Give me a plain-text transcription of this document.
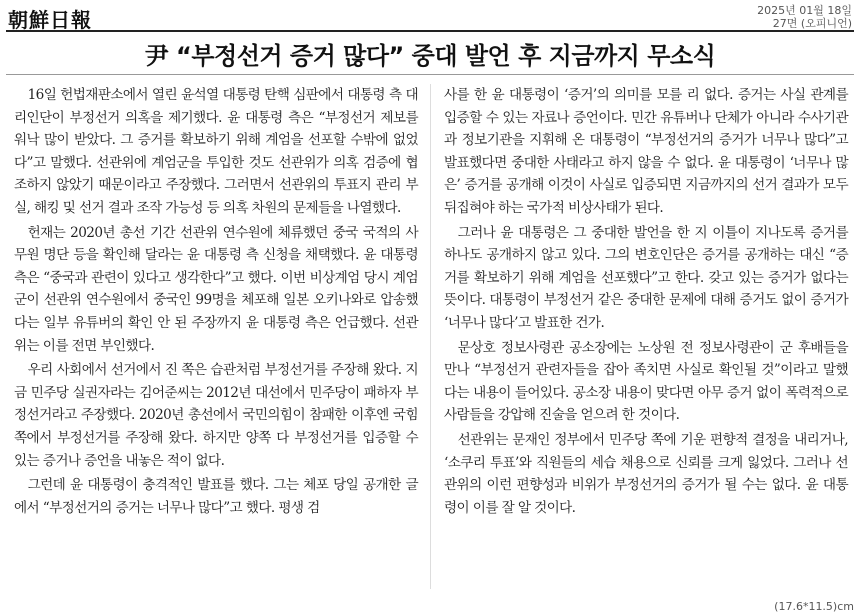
朝鮮日報	2025년 01월 18일
27면 (오피니언)
尹 “부정선거 증거 많다” 중대 발언 후 지금까지 무소식

16일 헌법재판소에서 열린 윤석열 대통령 탄핵 심판에서 대통령 측 대리인단이 부정선거 의혹을 제기했다. 윤 대통령 측은 “부정선거 제보를 워낙 많이 받았다. 그 증거를 확보하기 위해 계엄을 선포할 수밖에 없었다”고 말했다. 선관위에 계엄군을 투입한 것도 선관위가 의혹 검증에 협조하지 않았기 때문이라고 주장했다. 그러면서 선관위의 투표지 관리 부실, 해킹 및 선거 결과 조작 가능성 등 의혹 차원의 문제들을 나열했다.

헌재는 2020년 총선 기간 선관위 연수원에 체류했던 중국 국적의 사무원 명단 등을 확인해 달라는 윤 대통령 측 신청을 채택했다. 윤 대통령 측은 “중국과 관련이 있다고 생각한다”고 했다. 이번 비상계엄 당시 계엄군이 선관위 연수원에서 중국인 99명을 체포해 일본 오키나와로 압송했다는 일부 유튜버의 확인 안 된 주장까지 윤 대통령 측은 언급했다. 선관위는 이를 전면 부인했다.

우리 사회에서 선거에서 진 쪽은 습관처럼 부정선거를 주장해 왔다. 지금 민주당 실권자라는 김어준씨는 2012년 대선에서 민주당이 패하자 부정선거라고 주장했다. 2020년 총선에서 국민의힘이 참패한 이후엔 국힘 쪽에서 부정선거를 주장해 왔다. 하지만 양쪽 다 부정선거를 입증할 수 있는 증거나 증언을 내놓은 적이 없다.

그런데 윤 대통령이 충격적인 발표를 했다. 그는 체포 당일 공개한 글에서 “부정선거의 증거는 너무나 많다”고 했다. 평생 검

사를 한 윤 대통령이 ‘증거’의 의미를 모를 리 없다. 증거는 사실 관계를 입증할 수 있는 자료나 증언이다. 민간 유튜버나 단체가 아니라 수사기관과 정보기관을 지휘해 온 대통령이 “부정선거의 증거가 너무나 많다”고 발표했다면 중대한 사태라고 하지 않을 수 없다. 윤 대통령이 ‘너무나 많은’ 증거를 공개해 이것이 사실로 입증되면 지금까지의 선거 결과가 모두 뒤집혀야 하는 국가적 비상사태가 된다.

그러나 윤 대통령은 그 중대한 발언을 한 지 이틀이 지나도록 증거를 하나도 공개하지 않고 있다. 그의 변호인단은 증거를 공개하는 대신 “증거를 확보하기 위해 계엄을 선포했다”고 한다. 갖고 있는 증거가 없다는 뜻이다. 대통령이 부정선거 같은 중대한 문제에 대해 증거도 없이 증거가 ‘너무나 많다’고 발표한 건가.

문상호 정보사령관 공소장에는 노상원 전 정보사령관이 군 후배들을 만나 “부정선거 관련자들을 잡아 족치면 사실로 확인될 것”이라고 말했다는 내용이 들어있다. 공소장 내용이 맞다면 아무 증거 없이 폭력적으로 사람들을 강압해 진술을 얻으려 한 것이다.

선관위는 문재인 정부에서 민주당 쪽에 기운 편향적 결정을 내리거나, ‘소쿠리 투표’와 직원들의 세습 채용으로 신뢰를 크게 잃었다. 그러나 선관위의 이런 편향성과 비위가 부정선거의 증거가 될 수는 없다. 윤 대통령이 이를 잘 알 것이다.

(17.6*11.5)cm
